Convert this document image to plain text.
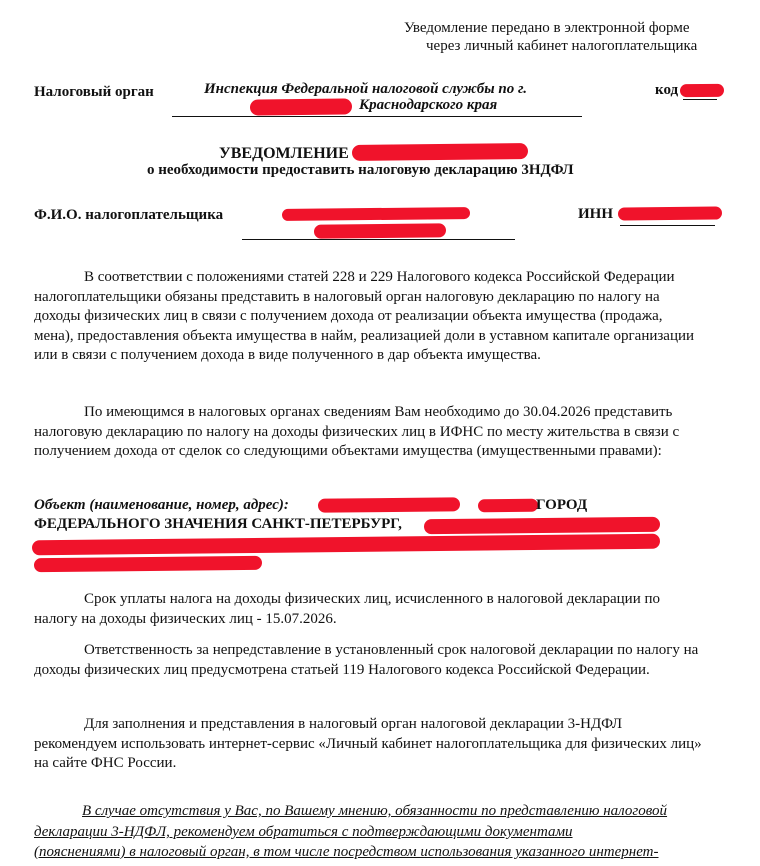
Уведомление передано в электронной форме
через личный кабинет налогоплательщика
Налоговый орган	Инспекция Федеральной налоговой службы по г.
Краснодарского края
код
УВЕДОМЛЕНИЕ
о необходимости предоставить налоговую декларацию 3НДФЛ
Ф.И.О. налогоплательщика	ИНН
В соответствии с положениями статей 228 и 229 Налогового кодекса Российской Федерации налогоплательщики обязаны представить в налоговый орган налоговую декларацию по налогу на доходы физических лиц в связи с получением дохода от реализации объекта имущества (продажа, мена), предоставления объекта имущества в найм, реализацией доли в уставном капитале организации или в связи с получением дохода в виде полученного в дар объекта имущества.
По имеющимся в налоговых органах сведениям Вам необходимо до 30.04.2026 представить налоговую декларацию по налогу на доходы физических лиц в ИФНС по месту жительства в связи с получением дохода от сделок со следующими объектами имущества (имущественными правами):
Объект (наименование, номер, адрес):	ГОРОД
ФЕДЕРАЛЬНОГО ЗНАЧЕНИЯ САНКТ-ПЕТЕРБУРГ,
Срок уплаты налога на доходы физических лиц, исчисленного в налоговой декларации по налогу на доходы физических лиц - 15.07.2026.
Ответственность за непредставление в установленный срок налоговой декларации по налогу на доходы физических лиц предусмотрена статьей 119 Налогового кодекса Российской Федерации.
Для заполнения и представления в налоговый орган налоговой декларации 3-НДФЛ рекомендуем использовать интернет-сервис «Личный кабинет налогоплательщика для физических лиц» на сайте ФНС России.
В случае отсутствия у Вас, по Вашему мнению, обязанности по представлению налоговой
декларации 3-НДФЛ, рекомендуем обратиться с подтверждающими документами
(пояснениями) в налоговый орган, в том числе посредством использования указанного интернет-
